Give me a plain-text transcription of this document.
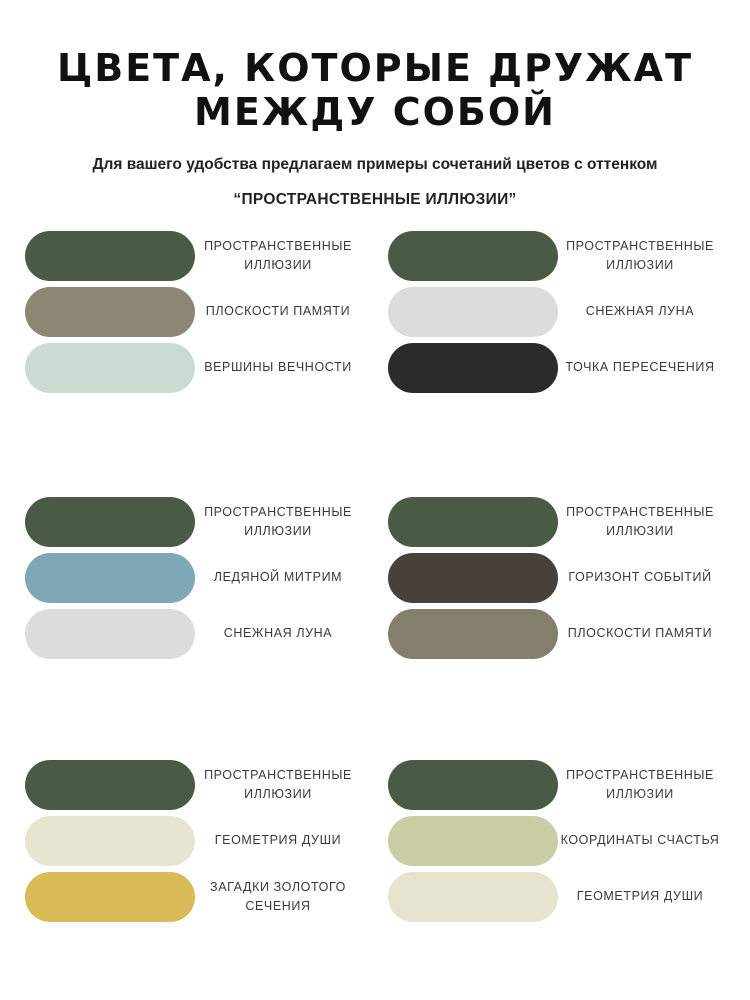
ЦВЕТА, КОТОРЫЕ ДРУЖАТ
МЕЖДУ СОБОЙ
Для вашего удобства предлагаем примеры сочетаний цветов с оттенком
“ПРОСТРАНСТВЕННЫЕ ИЛЛЮЗИИ”
ПРОСТРАНСТВЕННЫЕ
ИЛЛЮЗИИ
ПЛОСКОСТИ ПАМЯТИ
ВЕРШИНЫ ВЕЧНОСТИ
ПРОСТРАНСТВЕННЫЕ
ИЛЛЮЗИИ
СНЕЖНАЯ ЛУНА
ТОЧКА ПЕРЕСЕЧЕНИЯ
ПРОСТРАНСТВЕННЫЕ
ИЛЛЮЗИИ
ЛЕДЯНОЙ МИТРИМ
СНЕЖНАЯ ЛУНА
ПРОСТРАНСТВЕННЫЕ
ИЛЛЮЗИИ
ГОРИЗОНТ СОБЫТИЙ
ПЛОСКОСТИ ПАМЯТИ
ПРОСТРАНСТВЕННЫЕ
ИЛЛЮЗИИ
ГЕОМЕТРИЯ ДУШИ
ЗАГАДКИ ЗОЛОТОГО
СЕЧЕНИЯ
ПРОСТРАНСТВЕННЫЕ
ИЛЛЮЗИИ
КООРДИНАТЫ СЧАСТЬЯ
ГЕОМЕТРИЯ ДУШИ
